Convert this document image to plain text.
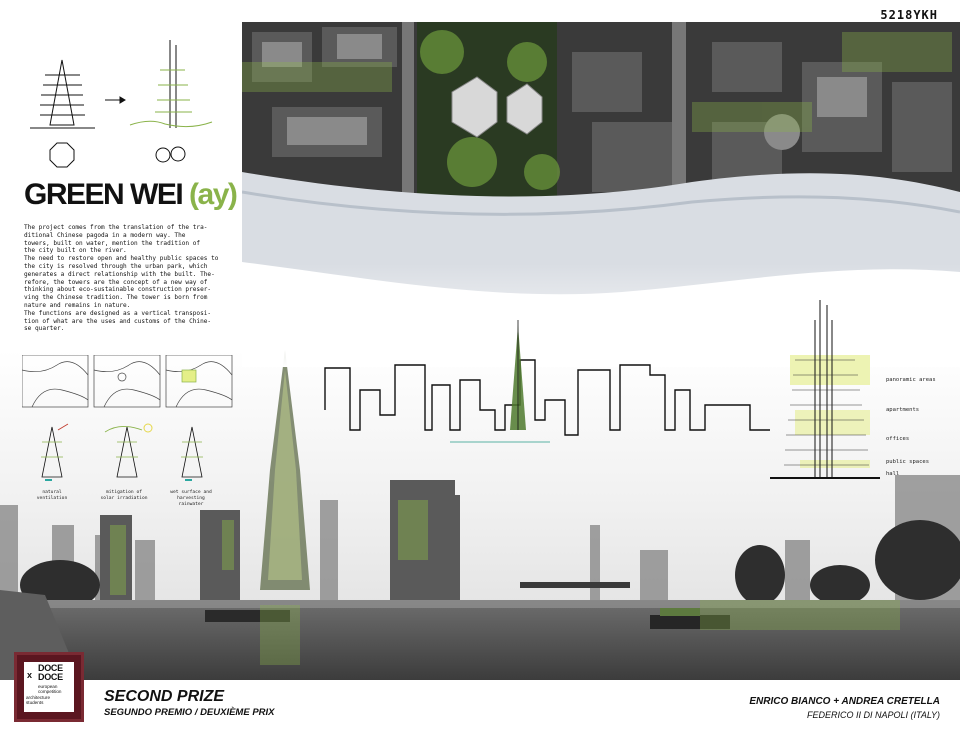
5218YKH
GREEN WEI (ay)

The project comes from the translation of the tra-

ditional Chinese pagoda in a modern way. The

towers, built on water, mention the tradition of

the city built on the river.

The need to restore open and healthy public spaces to

the city is resolved through the urban park, which

generates a direct relationship with the built. The-

refore, the towers are the concept of a new way of

thinking about eco-sustainable construction preser-

ving the Chinese tradition. The tower is born from

nature and remains in nature.

The functions are designed as a vertical transposi-

tion of what are the uses and customs of the Chine-

se quarter.

natural
ventilation
mitigation of
solar irradiation
wet surface and
harvesting rainwater
panoramic areas
apartments
offices
public spaces
hall
DOCE
x DOCE
european
competition
architecture
students	SECOND PRIZE
SEGUNDO PREMIO / DEUXIÈME PRIX
ENRICO BIANCO + ANDREA CRETELLA
FEDERICO II DI NAPOLI (ITALY)
